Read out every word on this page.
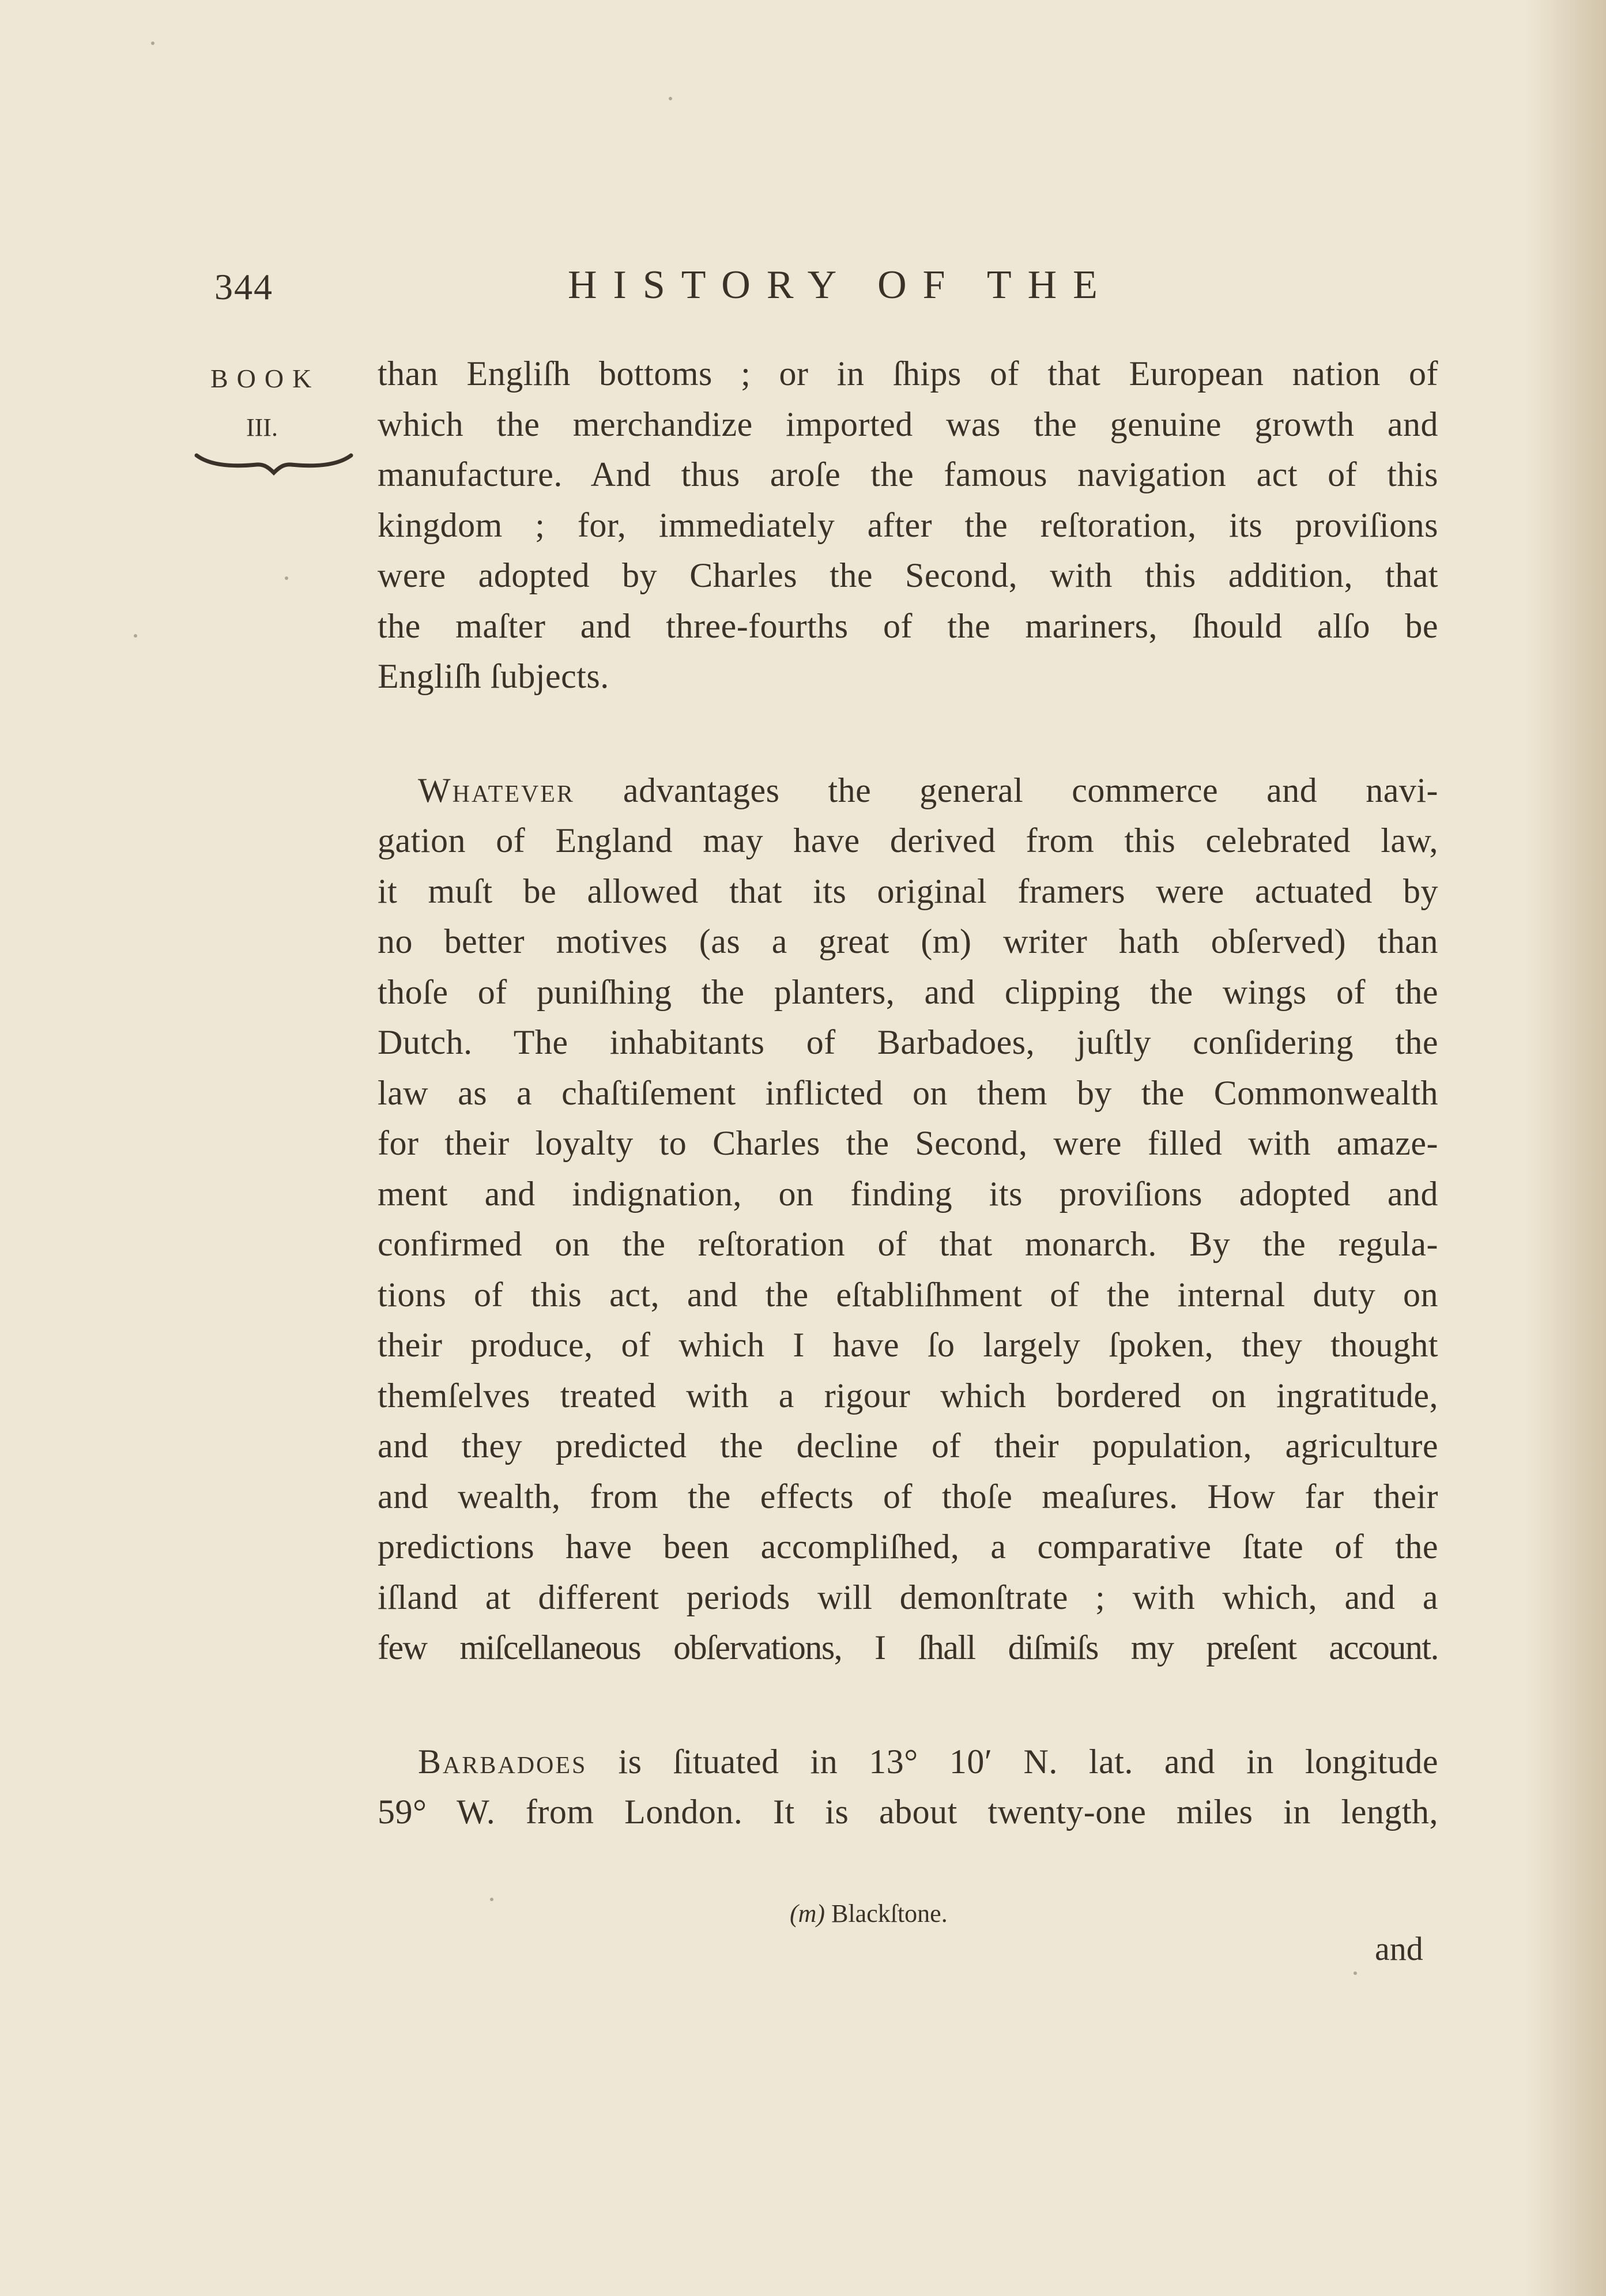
344	HISTORY OF THE
BOOK
III.

than Engliſh bottoms ; or in ſhips of that European nation of
which the merchandize imported was the genuine growth and
manufacture. And thus aroſe the famous navigation act of this
kingdom ; for, immediately after the reſtoration, its proviſions
were adopted by Charles the Second, with this addition, that
the maſter and three-fourths of the mariners, ſhould alſo be
Engliſh ſubjects.

Whatever advantages the general commerce and navi-
gation of England may have derived from this celebrated law,
it muſt be allowed that its original framers were actuated by
no better motives (as a great (m) writer hath obſerved) than
thoſe of puniſhing the planters, and clipping the wings of the
Dutch. The inhabitants of Barbadoes, juſtly conſidering the
law as a chaſtiſement inflicted on them by the Commonwealth
for their loyalty to Charles the Second, were filled with amaze-
ment and indignation, on finding its proviſions adopted and
confirmed on the reſtoration of that monarch. By the regula-
tions of this act, and the eſtabliſhment of the internal duty on
their produce, of which I have ſo largely ſpoken, they thought
themſelves treated with a rigour which bordered on ingratitude,
and they predicted the decline of their population, agriculture
and wealth, from the effects of thoſe meaſures. How far their
predictions have been accompliſhed, a comparative ſtate of the
iſland at different periods will demonſtrate ; with which, and a
few miſcellaneous obſervations, I ſhall diſmiſs my preſent account.

Barbadoes is ſituated in 13° 10′ N. lat. and in longitude
59° W. from London. It is about twenty-one miles in length,

(m) Blackſtone.
and
